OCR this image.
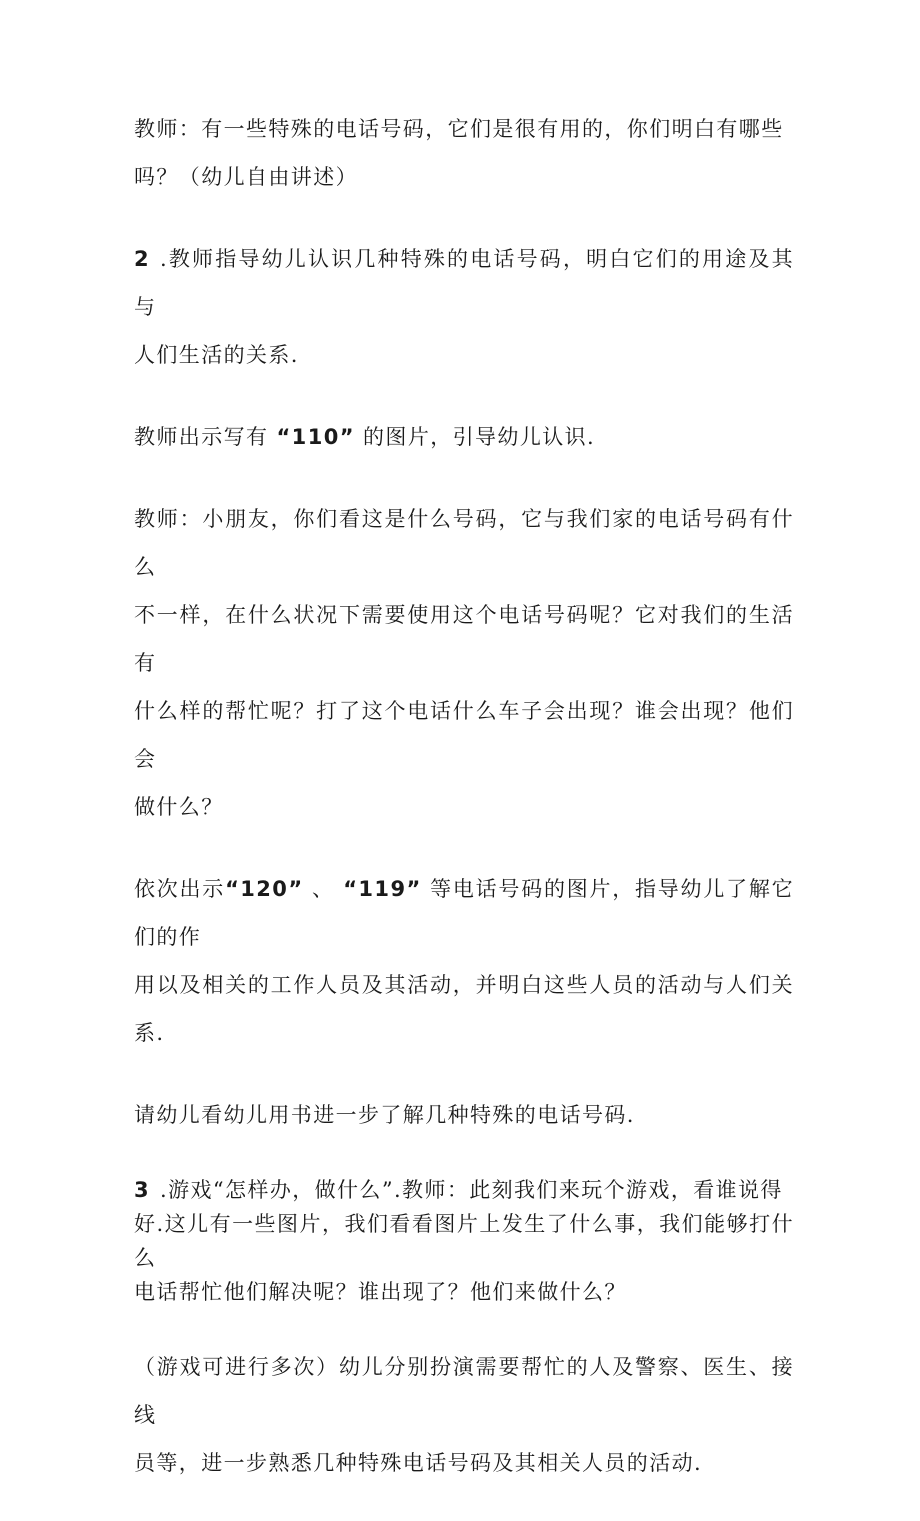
教师：有一些特殊的电话号码，它们是很有用的，你们明白有哪些
吗？（幼儿自由讲述）

2 .教师指导幼儿认识几种特殊的电话号码，明白它们的用途及其与
人们生活的关系.

教师出示写有 “110” 的图片，引导幼儿认识.

教师：小朋友，你们看这是什么号码，它与我们家的电话号码有什么
不一样，在什么状况下需要使用这个电话号码呢？它对我们的生活有
什么样的帮忙呢？打了这个电话什么车子会出现？谁会出现？他们会
做什么？

依次出示“120” 、 “119” 等电话号码的图片，指导幼儿了解它们的作
用以及相关的工作人员及其活动，并明白这些人员的活动与人们关系.

请幼儿看幼儿用书进一步了解几种特殊的电话号码.

3 .游戏“怎样办，做什么”.教师：此刻我们来玩个游戏，看谁说得
好.这儿有一些图片，我们看看图片上发生了什么事，我们能够打什么
电话帮忙他们解决呢？谁出现了？他们来做什么？

（游戏可进行多次）幼儿分别扮演需要帮忙的人及警察、医生、接线
员等，进一步熟悉几种特殊电话号码及其相关人员的活动.
